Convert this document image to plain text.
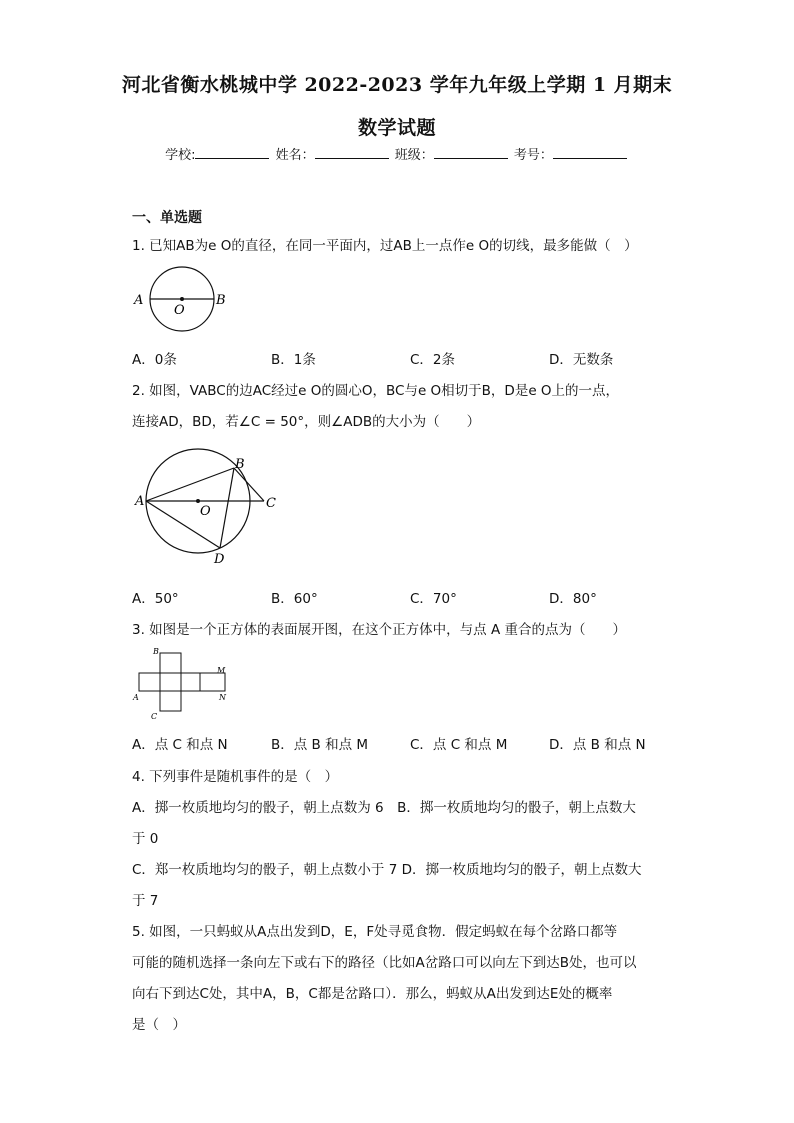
河北省衡水桃城中学 2022-2023 学年九年级上学期 1 月期末
数学试题
学校:	姓名：	班级：	考号：
一、单选题
1. 已知AB为e O的直径，在同一平面内，过AB上一点作e O的切线，最多能做（　）
A	B
O
A．0条	B．1条	C．2条	D．无数条
2. 如图，VABC的边AC经过e O的圆心O，BC与e O相切于B，D是e O上的一点，
连接AD，BD，若∠C = 50°，则∠ADB的大小为（　　）
A
B
C
D
O
A．50°	B．60°	C．70°	D．80°
3. 如图是一个正方体的表面展开图，在这个正方体中，与点 A 重合的点为（　　）
B
A
C
M
N
A．点 C 和点 N	B．点 B 和点 M	C．点 C 和点 M	D．点 B 和点 N
4. 下列事件是随机事件的是（　）
A．掷一枚质地均匀的骰子，朝上点数为 6　B．掷一枚质地均匀的骰子，朝上点数大
于 0
C．郑一枚质地均匀的骰子，朝上点数小于 7 D．掷一枚质地均匀的骰子，朝上点数大
于 7
5. 如图，一只蚂蚁从A点出发到D，E，F处寻觅食物．假定蚂蚁在每个岔路口都等
可能的随机选择一条向左下或右下的路径（比如A岔路口可以向左下到达B处，也可以
向右下到达C处，其中A，B，C都是岔路口）．那么，蚂蚁从A出发到达E处的概率
是（　）
